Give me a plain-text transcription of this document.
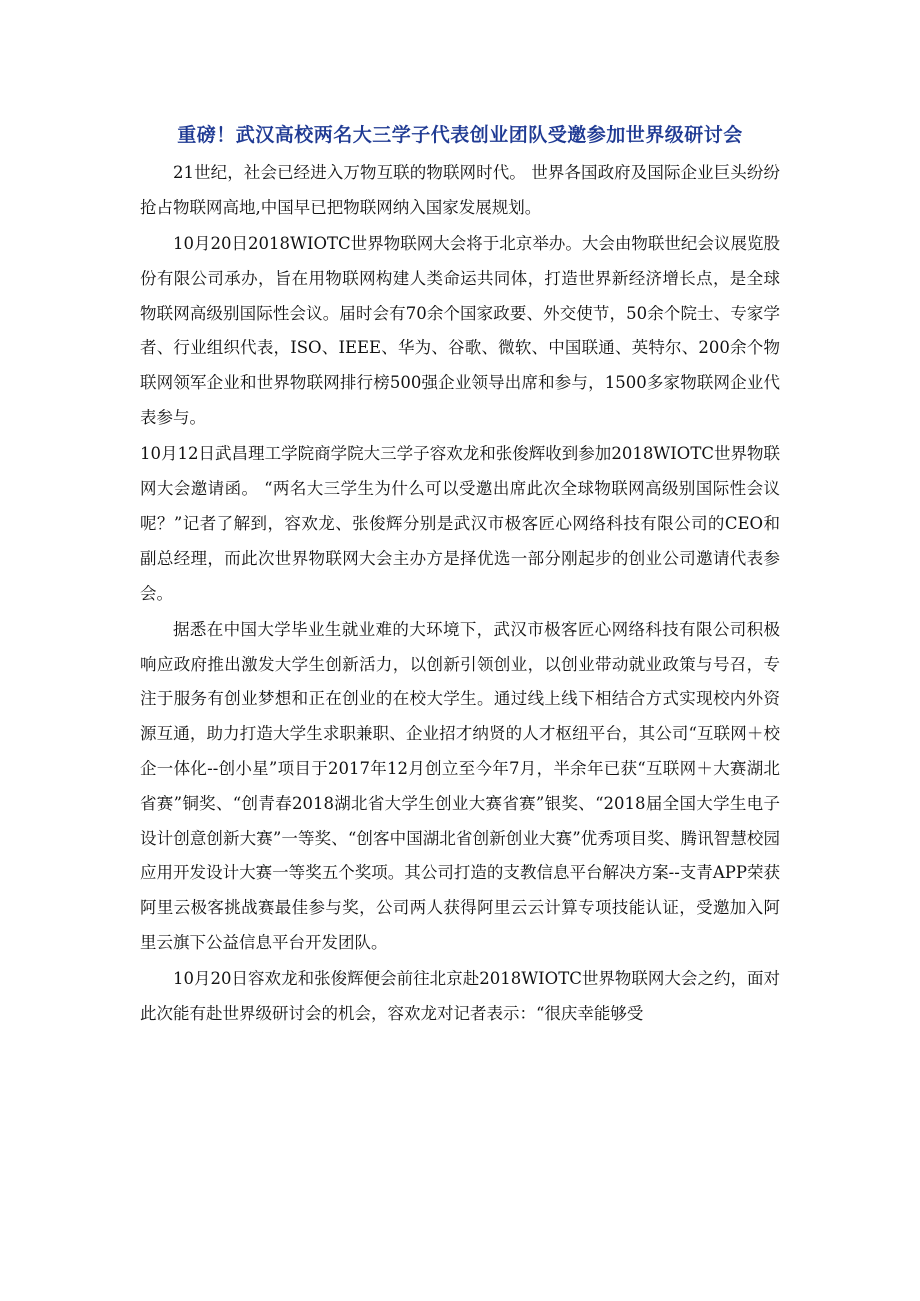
重磅！武汉高校两名大三学子代表创业团队受邀参加世界级研讨会

21世纪，社会已经进入万物互联的物联网时代。 世界各国政府及国际企业巨头纷纷抢占物联网高地,中国早已把物联网纳入国家发展规划。

10月20日2018WIOTC世界物联网大会将于北京举办。大会由物联世纪会议展览股份有限公司承办，旨在用物联网构建人类命运共同体，打造世界新经济增长点，是全球物联网高级别国际性会议。届时会有70余个国家政要、外交使节，50余个院士、专家学者、行业组织代表，ISO、IEEE、华为、谷歌、微软、中国联通、英特尔、200余个物联网领军企业和世界物联网排行榜500强企业领导出席和参与，1500多家物联网企业代表参与。

10月12日武昌理工学院商学院大三学子容欢龙和张俊辉收到参加2018WIOTC世界物联网大会邀请函。 “两名大三学生为什么可以受邀出席此次全球物联网高级别国际性会议呢？”记者了解到，容欢龙、张俊辉分别是武汉市极客匠心网络科技有限公司的CEO和副总经理，而此次世界物联网大会主办方是择优选一部分刚起步的创业公司邀请代表参会。

据悉在中国大学毕业生就业难的大环境下，武汉市极客匠心网络科技有限公司积极响应政府推出激发大学生创新活力，以创新引领创业，以创业带动就业政策与号召，专注于服务有创业梦想和正在创业的在校大学生。通过线上线下相结合方式实现校内外资源互通，助力打造大学生求职兼职、企业招才纳贤的人才枢纽平台，其公司“互联网＋校企一体化--创小星”项目于2017年12月创立至今年7月，半余年已获“互联网＋大赛湖北省赛”铜奖、“创青春2018湖北省大学生创业大赛省赛”银奖、“2018届全国大学生电子设计创意创新大赛”一等奖、“创客中国湖北省创新创业大赛”优秀项目奖、腾讯智慧校园应用开发设计大赛一等奖五个奖项。其公司打造的支教信息平台解决方案--支青APP荣获阿里云极客挑战赛最佳参与奖，公司两人获得阿里云云计算专项技能认证，受邀加入阿里云旗下公益信息平台开发团队。

10月20日容欢龙和张俊辉便会前往北京赴2018WIOTC世界物联网大会之约，面对此次能有赴世界级研讨会的机会，容欢龙对记者表示：“很庆幸能够受
